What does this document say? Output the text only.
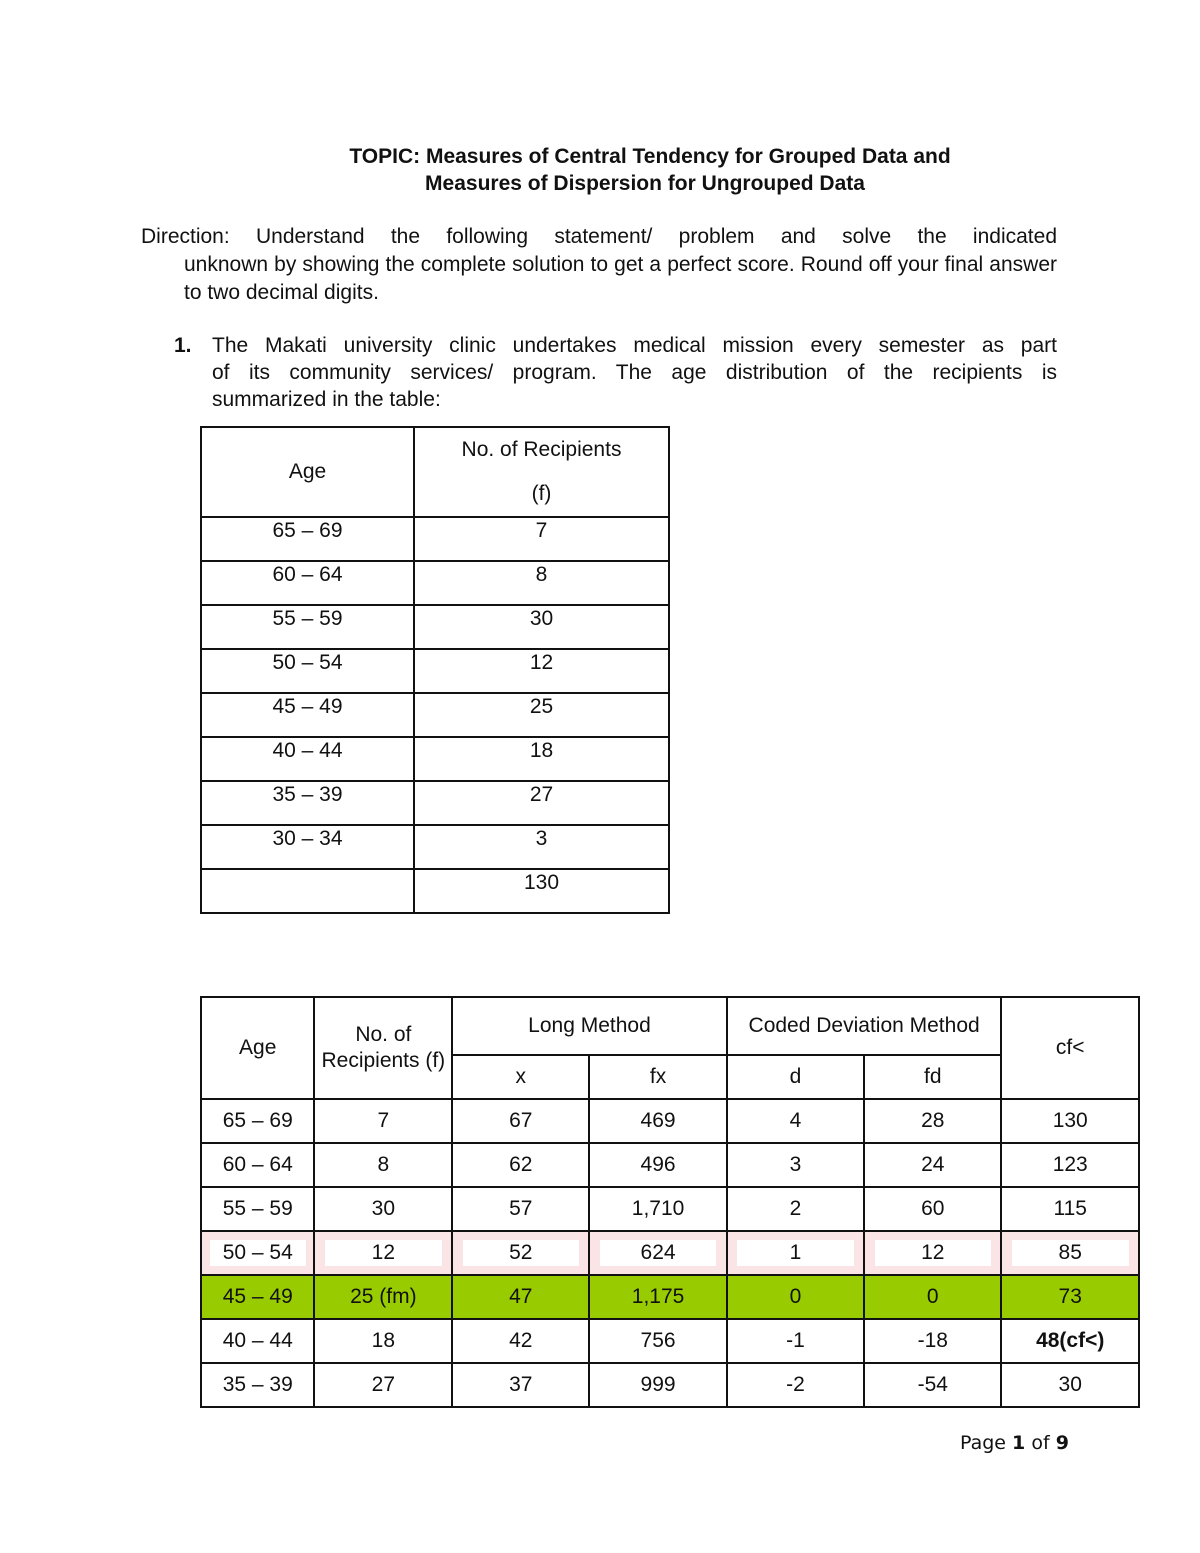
TOPIC: Measures of Central Tendency for Grouped Data and
Measures of Dispersion for Ungrouped Data
Direction: Understand the following statement/ problem and solve the indicated
unknown by showing the complete solution to get a perfect score. Round off your final answer to two decimal digits.
1. The Makati university clinic undertakes medical mission every semester as part
of its community services/ program. The age distribution of the recipients is
summarized in the table:
Age	No. of Recipients
(f)

65 – 69	7
60 – 64	8
55 – 59	30
50 – 54	12
45 – 49	25
40 – 44	18
35 – 39	27
30 – 34	3
	130
Age	No. of Recipients (f)	Long Method		Coded Deviation Method		cf<
		x	fx	d	fd	
65 – 69	7	67	469	4	28	130
60 – 64	8	62	496	3	24	123
55 – 59	30	57	1,710	2	60	115
50 – 54	12	52	624	1	12	85
45 – 49	25 (fm)	47	1,175	0	0	73
40 – 44	18	42	756	-1	-18	48(cf<)
35 – 39	27	37	999	-2	-54	30
Page 1 of 9
